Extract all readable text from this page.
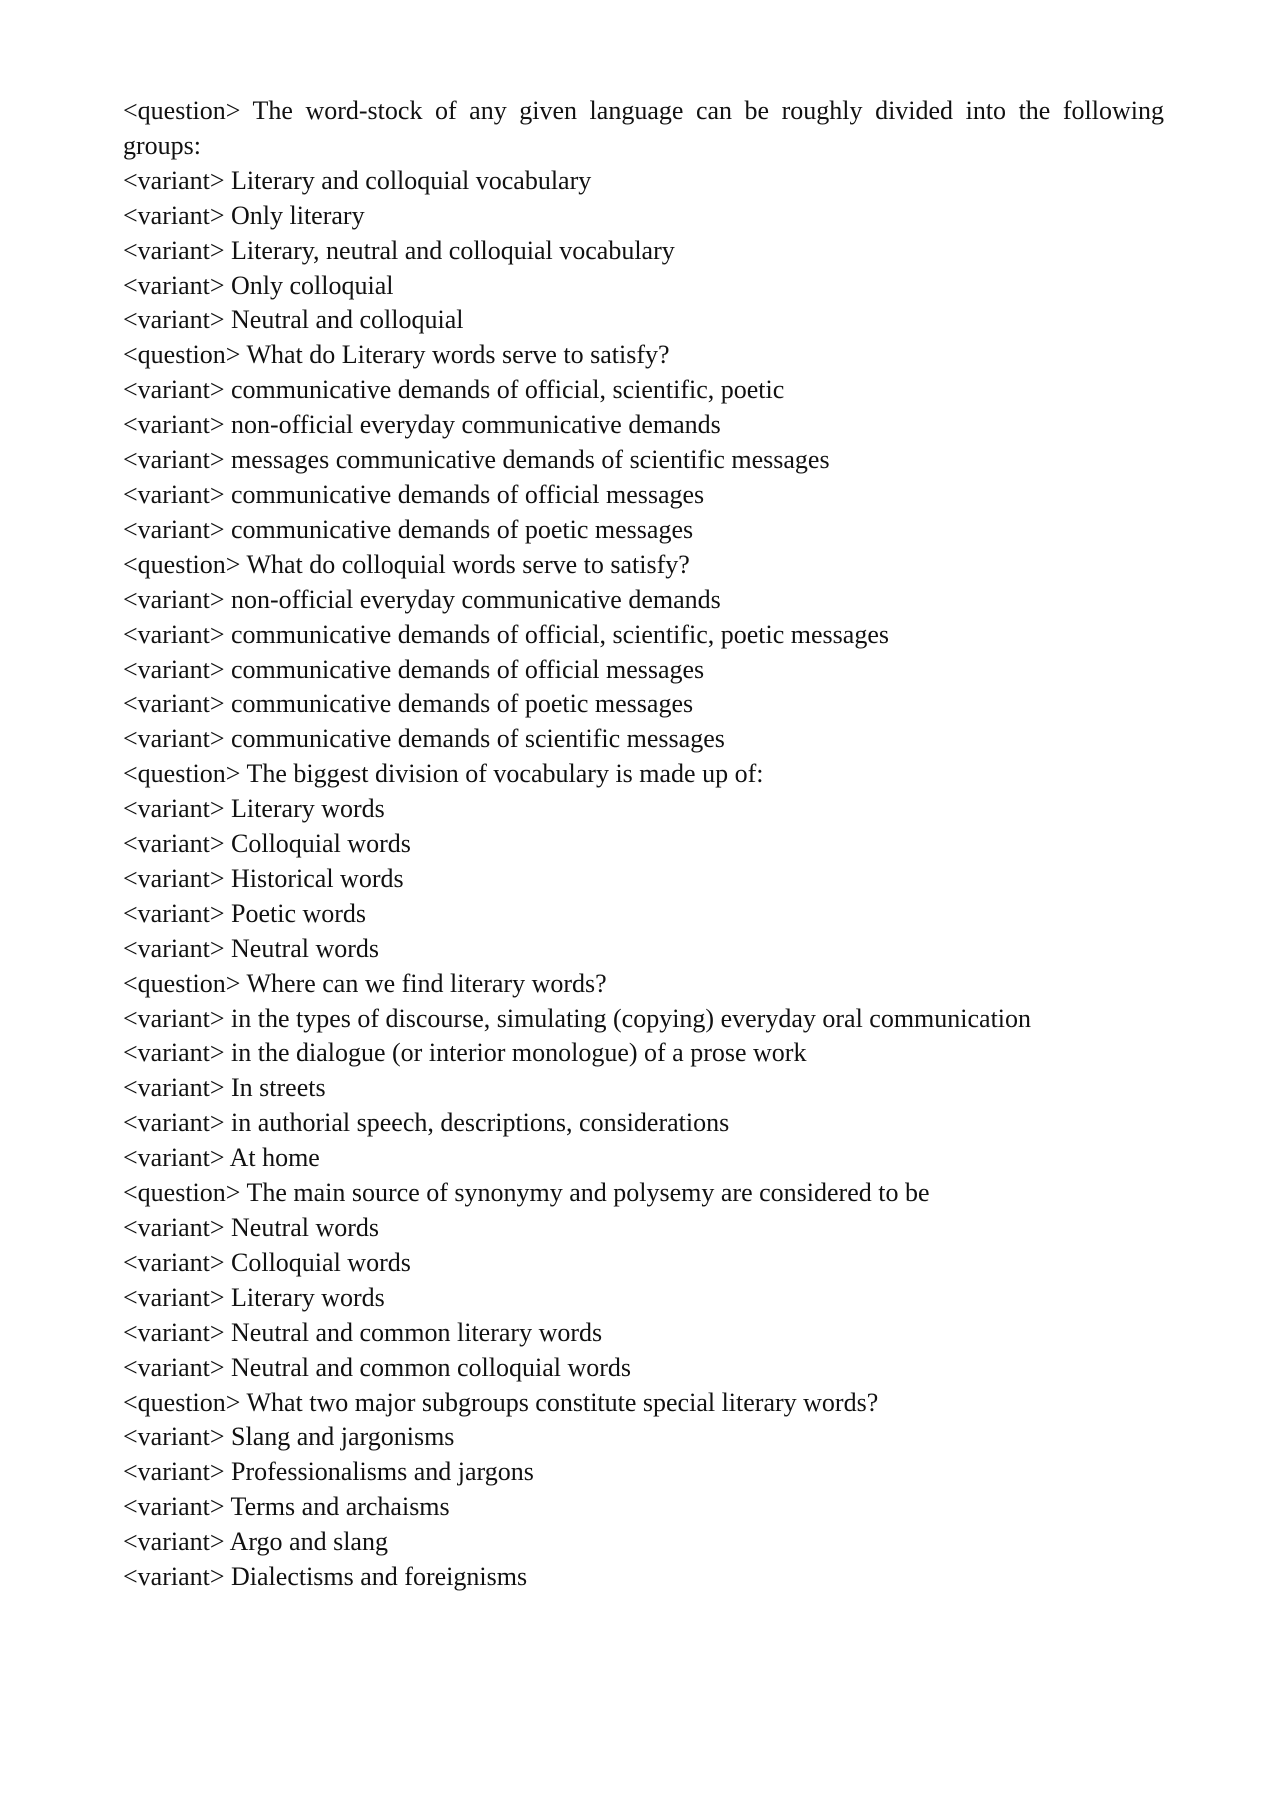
<question> The word-stock of any given language can be roughly divided into the following groups:

<variant> Literary and colloquial vocabulary

<variant> Only literary

<variant> Literary, neutral and colloquial vocabulary

<variant> Only colloquial

<variant> Neutral and colloquial

<question> What do Literary words serve to satisfy?

<variant> communicative demands of official, scientific, poetic

<variant> non-official everyday communicative demands

<variant> messages communicative demands of scientific messages

<variant> communicative demands of official messages

<variant> communicative demands of poetic messages

<question> What do colloquial words serve to satisfy?

<variant> non-official everyday communicative demands

<variant> communicative demands of official, scientific, poetic messages

<variant> communicative demands of official messages

<variant> communicative demands of poetic messages

<variant> communicative demands of scientific messages

<question> The biggest division of vocabulary is made up of:

<variant> Literary words

<variant> Colloquial words

<variant> Historical words

<variant> Poetic words

<variant> Neutral words

<question> Where can we find literary words?

<variant> in the types of discourse, simulating (copying) everyday oral communication

<variant> in the dialogue (or interior monologue) of a prose work

<variant> In streets

<variant> in authorial speech, descriptions, considerations

<variant> At home

<question> The main source of synonymy and polysemy are considered to be

<variant> Neutral words

<variant> Colloquial words

<variant> Literary words

<variant> Neutral and common literary words

<variant> Neutral and common colloquial words

<question> What two major subgroups constitute special literary words?

<variant> Slang and jargonisms

<variant> Professionalisms and jargons

<variant> Terms and archaisms

<variant> Argo and slang

<variant> Dialectisms and foreignisms
